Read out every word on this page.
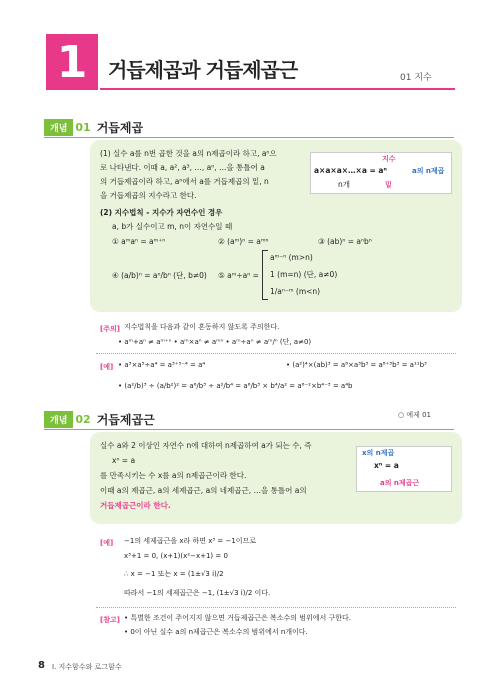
1	거듭제곱과 거듭제곱근	01 지수
개념 01 거듭제곱
(1) 실수 a를 n번 곱한 것을 a의 n제곱이라 하고, aⁿ으
로 나타낸다. 이때 a, a², a³, …, aⁿ, …을 통틀어 a
의 거듭제곱이라 하고, aⁿ에서 a를 거듭제곱의 밑, n
을 거듭제곱의 지수라고 한다.
지수
a×a×a×…×a = aⁿ	a의 n제곱
n개	밑
(2) 지수법칙 - 지수가 자연수인 경우
a, b가 실수이고 m, n이 자연수일 때
① aᵐaⁿ = aᵐ⁺ⁿ	② (aᵐ)ⁿ = aᵐⁿ	③ (ab)ⁿ = aⁿbⁿ
④ (a/b)ⁿ = aⁿ/bⁿ (단, b≠0) ⑤ aᵐ÷aⁿ =
aᵐ⁻ⁿ (m>n)
1 (m=n) (단, a≠0)
1/aⁿ⁻ᵐ (m<n)
[주의] 지수법칙을 다음과 같이 혼동하지 않도록 주의한다.
• aᵐ+aⁿ ≠ aᵐ⁺ⁿ • aᵐ×aⁿ ≠ aᵐⁿ • aᵐ÷aⁿ ≠ aᵐ/ⁿ (단, a≠0)
[예] • a³×a⁵÷a⁴ = a³⁺⁵⁻⁴ = a⁴	• (a²)⁴×(ab)³ = a⁸×a³b³ = a⁸⁺³b³ = a¹¹b³
• (a²/b)³ ÷ (a/b²)² = a⁶/b³ ÷ a²/b⁴ = a⁶/b³ × b⁴/a² = a⁶⁻²×b⁴⁻³ = a⁴b
개념 02 거듭제곱근	○ 예제 01
실수 a와 2 이상인 자연수 n에 대하여 n제곱하여 a가 되는 수, 즉
xⁿ = a
를 만족시키는 수 x를 a의 n제곱근이라 한다.
이때 a의 제곱근, a의 세제곱근, a의 네제곱근, …을 통틀어 a의
거듭제곱근이라 한다.
x의 n제곱
xⁿ = a
a의 n제곱근
[예] −1의 세제곱근을 x라 하면 x³ = −1이므로
x³+1 = 0, (x+1)(x²−x+1) = 0
∴ x = −1 또는 x = (1±√3 i)/2
따라서 −1의 세제곱근은 −1, (1±√3 i)/2 이다.
[참고] • 특별한 조건이 주어지지 않으면 거듭제곱근은 복소수의 범위에서 구한다.
• 0이 아닌 실수 a의 n제곱근은 복소수의 범위에서 n개이다.
8 I. 지수함수와 로그함수
